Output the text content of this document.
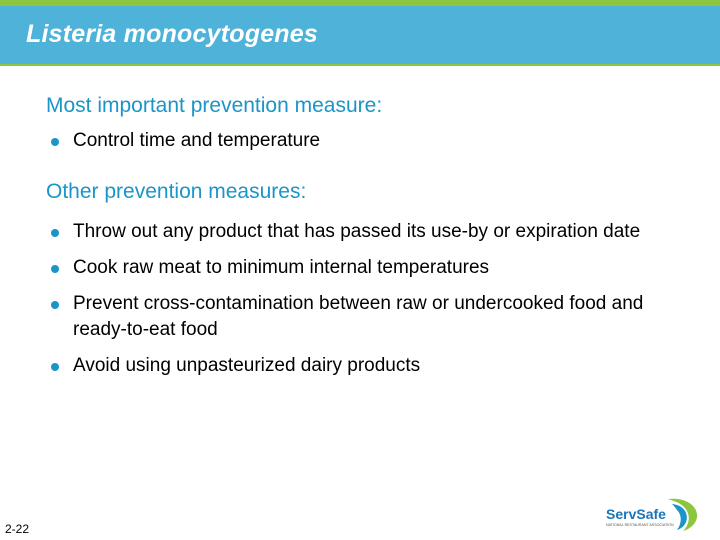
Listeria monocytogenes
Most important prevention measure:
Control time and temperature
Other prevention measures:
Throw out any product that has passed its use-by or expiration date
Cook raw meat to minimum internal temperatures
Prevent cross-contamination between raw or undercooked food and ready-to-eat food
Avoid using unpasteurized dairy products
2-22
ServSafe
NATIONAL RESTAURANT ASSOCIATION
